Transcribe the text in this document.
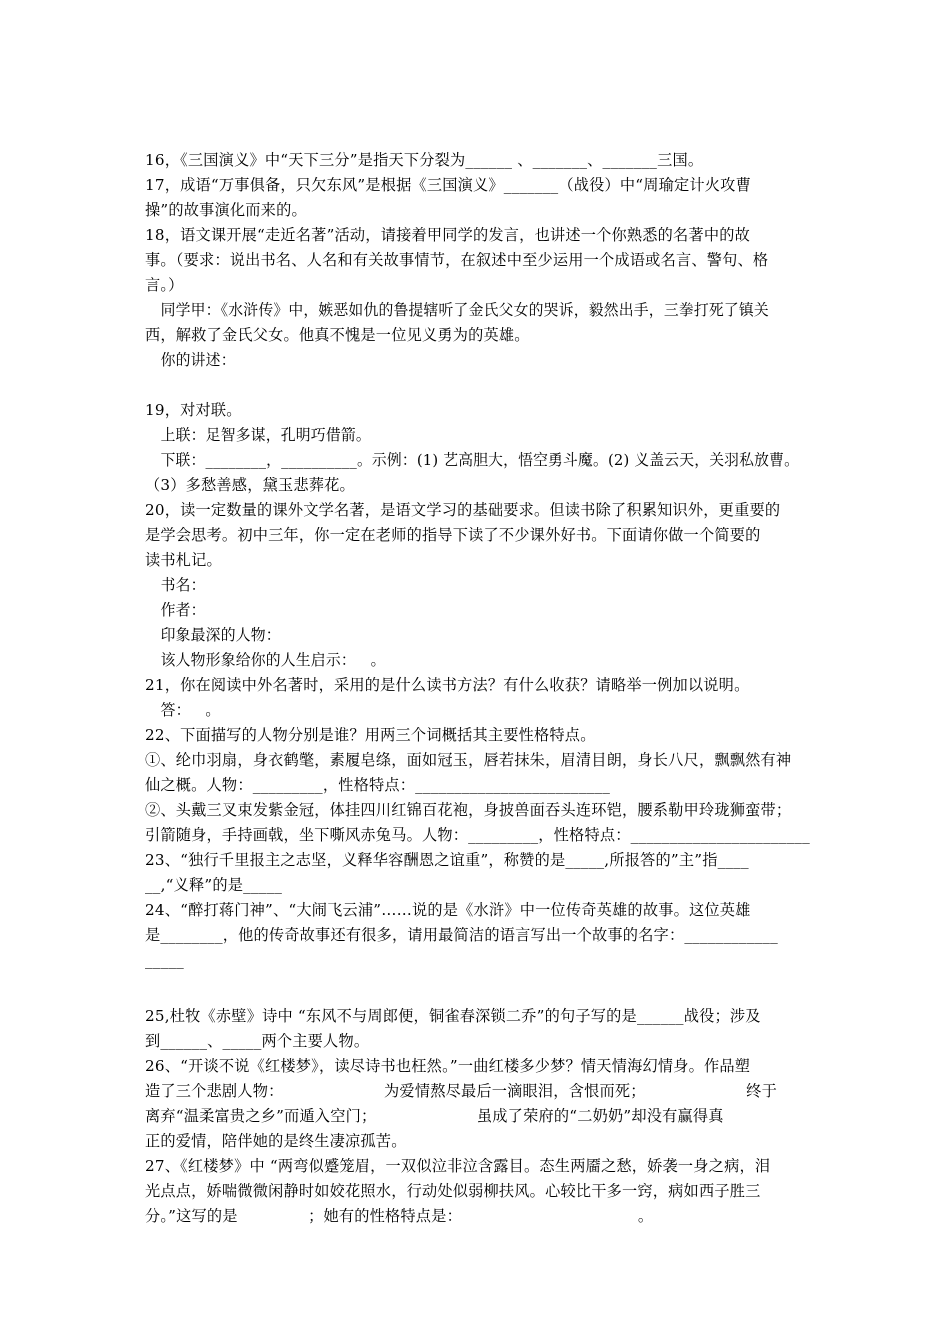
16，《三国演义》中“天下三分”是指天下分裂为______ 、_______、_______三国。
17，成语“万事俱备，只欠东风”是根据《三国演义》_______（战役）中“周瑜定计火攻曹
操”的故事演化而来的。
18，语文课开展“走近名著”活动，请接着甲同学的发言，也讲述一个你熟悉的名著中的故
事。（要求：说出书名、人名和有关故事情节，在叙述中至少运用一个成语或名言、警句、格
言。）
同学甲：《水浒传》中，嫉恶如仇的鲁提辖听了金氏父女的哭诉，毅然出手，三拳打死了镇关
西，解救了金氏父女。他真不愧是一位见义勇为的英雄。
你的讲述：
19，对对联。
上联：足智多谋，孔明巧借箭。
下联：________，__________。示例：(1) 艺高胆大，悟空勇斗魔。(2) 义盖云天，关羽私放曹。
（3）多愁善感，黛玉悲葬花。
20，读一定数量的课外文学名著，是语文学习的基础要求。但读书除了积累知识外，更重要的
是学会思考。初中三年，你一定在老师的指导下读了不少课外好书。下面请你做一个简要的
读书札记。
书名：
作者：
印象最深的人物：
该人物形象给你的人生启示：   。
21，你在阅读中外名著时，采用的是什么读书方法？有什么收获？请略举一例加以说明。
答：   。
22、下面描写的人物分别是谁？用两三个词概括其主要性格特点。
①、纶巾羽扇，身衣鹤氅，素履皂绦，面如冠玉，唇若抹朱，眉清目朗，身长八尺，飘飘然有神
仙之概。人物：_________，性格特点：_________________________
②、头戴三叉束发紫金冠，体挂四川红锦百花袍，身披兽面吞头连环铠，腰系勒甲玲珑狮蛮带；
引箭随身，手持画戟，坐下嘶风赤兔马。人物：_________，性格特点：_______________________
23、“独行千里报主之志坚，义释华容酬恩之谊重”，称赞的是_____,所报答的”主”指____
__,“义释”的是_____
24、“醉打蒋门神”、“大闹飞云浦”……说的是《水浒》中一位传奇英雄的故事。这位英雄
是________，他的传奇故事还有很多，请用最简洁的语言写出一个故事的名字：____________
_____
25,杜牧《赤壁》诗中 “东风不与周郎便，铜雀春深锁二乔”的句子写的是______战役；涉及
到______、_____两个主要人物。
26、“开谈不说《红楼梦》，读尽诗书也枉然。”一曲红楼多少梦？情天情海幻情身。作品塑
造了三个悲剧人物：                    为爱情熬尽最后一滴眼泪，含恨而死；                    终于
离弃“温柔富贵之乡”而遁入空门；                    虽成了荣府的“二奶奶”却没有赢得真
正的爱情，陪伴她的是终生凄凉孤苦。
27、《红楼梦》中 “两弯似蹙笼眉，一双似泣非泣含露目。态生两靥之愁，娇袭一身之病，泪
光点点，娇喘微微闲静时如姣花照水，行动处似弱柳扶风。心较比干多一窍，病如西子胜三
分。”这写的是              ；她有的性格特点是：                                   。
